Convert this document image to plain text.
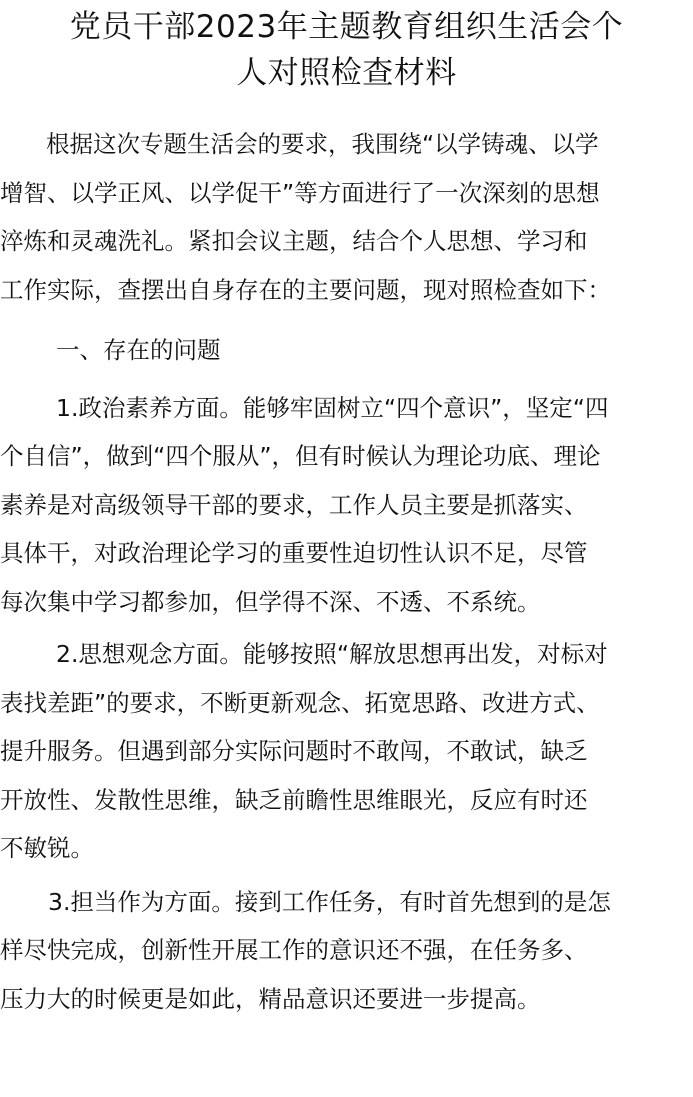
党员干部2023年主题教育组织生活会个
人对照检查材料

根据这次专题生活会的要求，我围绕“以学铸魂、以学
增智、以学正风、以学促干”等方面进行了一次深刻的思想
淬炼和灵魂洗礼。紧扣会议主题，结合个人思想、学习和
工作实际，查摆出自身存在的主要问题，现对照检查如下：

一、存在的问题

1.政治素养方面。能够牢固树立“四个意识”，坚定“四
个自信”，做到“四个服从”，但有时候认为理论功底、理论
素养是对高级领导干部的要求，工作人员主要是抓落实、
具体干，对政治理论学习的重要性迫切性认识不足，尽管
每次集中学习都参加，但学得不深、不透、不系统。

2.思想观念方面。能够按照“解放思想再出发，对标对
表找差距”的要求，不断更新观念、拓宽思路、改进方式、
提升服务。但遇到部分实际问题时不敢闯，不敢试，缺乏
开放性、发散性思维，缺乏前瞻性思维眼光，反应有时还
不敏锐。

3.担当作为方面。接到工作任务，有时首先想到的是怎
样尽快完成，创新性开展工作的意识还不强，在任务多、
压力大的时候更是如此，精品意识还要进一步提高。
